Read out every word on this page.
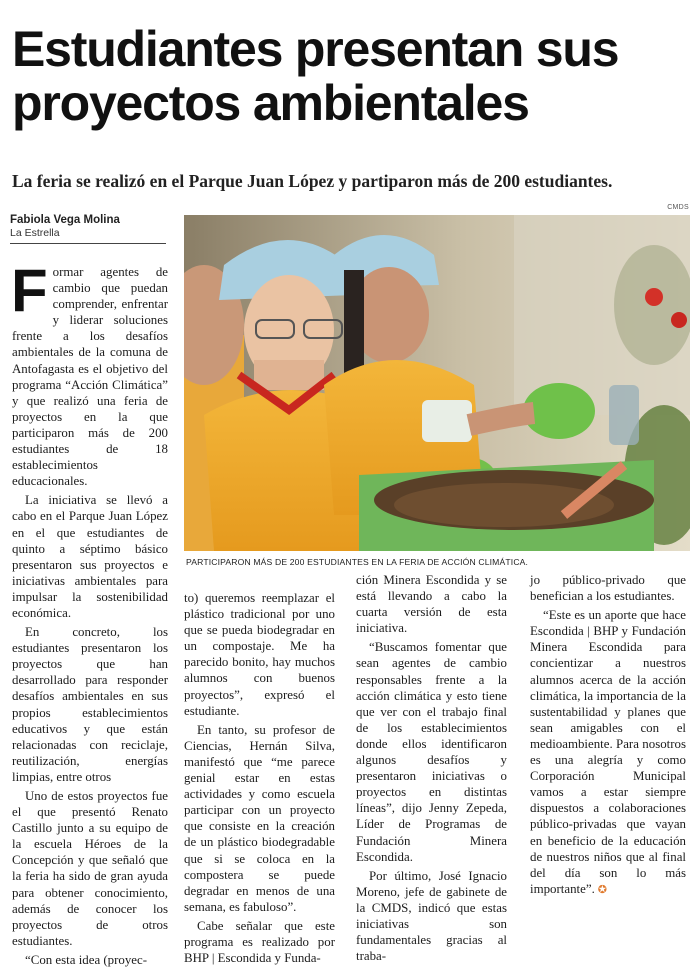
Estudiantes presentan sus proyectos ambientales
La feria se realizó en el Parque Juan López y partiparon más de 200 estudiantes.
Fabiola Vega Molina
La Estrella
CMDS
PARTICIPARON MÁS DE 200 ESTUDIANTES EN LA FERIA DE ACCIÓN CLIMÁTICA.

Formar agentes de cambio que puedan comprender, enfrentar y liderar soluciones frente a los desafíos ambientales de la comuna de Antofagasta es el objetivo del programa “Acción Climática” y que realizó una feria de proyectos en la que participaron más de 200 estudiantes de 18 establecimientos educacionales.

La iniciativa se llevó a cabo en el Parque Juan López en el que estudiantes de quinto a séptimo básico presentaron sus proyectos e iniciativas ambientales para impulsar la sostenibilidad económica.

En concreto, los estudiantes presentaron los proyectos que han desarrollado para responder desafíos ambientales en sus propios establecimientos educativos y que están relacionadas con reciclaje, reutilización, energías limpias, entre otros

Uno de estos proyectos fue el que presentó Renato Castillo junto a su equipo de la escuela Héroes de la Concepción y que señaló que la feria ha sido de gran ayuda para obtener conocimiento, además de conocer los proyectos de otros estudiantes.

“Con esta idea (proyec-

to) queremos reemplazar el plástico tradicional por uno que se pueda biodegradar en un compostaje. Me ha parecido bonito, hay muchos alumnos con buenos proyectos”, expresó el estudiante.

En tanto, su profesor de Ciencias, Hernán Silva, manifestó que “me parece genial estar en estas actividades y como escuela participar con un proyecto que consiste en la creación de un plástico biodegradable que si se coloca en la compostera se puede degradar en menos de una semana, es fabuloso”.

Cabe señalar que este programa es realizado por BHP | Escondida y Funda-

ción Minera Escondida y se está llevando a cabo la cuarta versión de esta iniciativa.

“Buscamos fomentar que sean agentes de cambio responsables frente a la acción climática y esto tiene que ver con el trabajo final de los establecimientos donde ellos identificaron algunos desafíos y presentaron iniciativas o proyectos en distintas líneas”, dijo Jenny Zepeda, Líder de Programas de Fundación Minera Escondida.

Por último, José Ignacio Moreno, jefe de gabinete de la CMDS, indicó que estas iniciativas son fundamentales gracias al traba-

jo público-privado que benefician a los estudiantes.

“Este es un aporte que hace Escondida | BHP y Fundación Minera Escondida para concientizar a nuestros alumnos acerca de la acción climática, la importancia de la sustentabilidad y planes que sean amigables con el medioambiente. Para nosotros es una alegría y como Corporación Municipal vamos a estar siempre dispuestos a colaboraciones público-privadas que vayan en beneficio de la educación de nuestros niños que al final del día son lo más importante”. ✪
